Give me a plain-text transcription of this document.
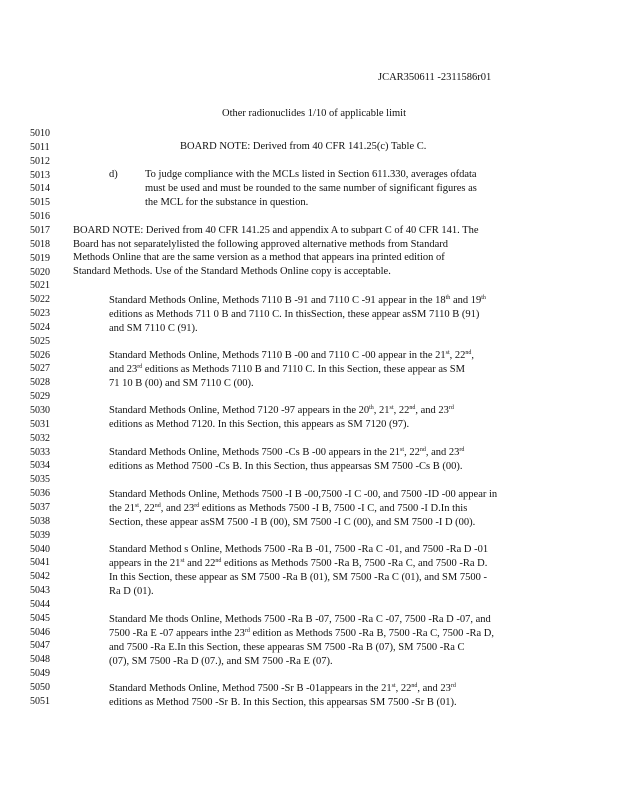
JCAR350611 -2311586r01
Other radionuclides 1/10 of applicable limit
5010
5011
5012
5013
5014
5015
5016
5017
5018
5019
5020
5021
5022
5023
5024
5025
5026
5027
5028
5029
5030
5031
5032
5033
5034
5035
5036
5037
5038
5039
5040
5041
5042
5043
5044
5045
5046
5047
5048
5049
5050
5051
BOARD NOTE: Derived from 40 CFR 141.25(c) Table C.
d)	To judge compliance with the MCLs listed in Section 611.330, averages ofdata
must be used and must be rounded to the same number of significant figures as
the MCL for the substance in question.
BOARD NOTE: Derived from 40 CFR 141.25 and appendix A to subpart C of 40 CFR 141. The
Board has not separatelylisted the following approved alternative methods from Standard
Methods Online that are the same version as a method that appears ina printed edition of
Standard Methods. Use of the Standard Methods Online copy is acceptable.
Standard Methods Online, Methods 7110 B -91 and 7110 C -91 appear in the 18th and 19th
editions as Methods 711 0 B and 7110 C. In thisSection, these appear asSM 7110 B (91)
and SM 7110 C (91).
Standard Methods Online, Methods 7110 B -00 and 7110 C -00 appear in the 21st, 22nd,
and 23rd editions as Methods 7110 B and 7110 C. In this Section, these appear as SM
71 10 B (00) and SM 7110 C (00).
Standard Methods Online, Method 7120 -97 appears in the 20th, 21st, 22nd, and 23rd
editions as Method 7120. In this Section, this appears as SM 7120 (97).
Standard Methods Online, Methods 7500 -Cs B -00 appears in the 21st, 22nd, and 23rd
editions as Method 7500 -Cs B. In this Section, thus appearsas SM 7500 -Cs B (00).
Standard Methods Online, Methods 7500 -I B -00,7500 -I C -00, and 7500 -ID -00 appear in
the 21st, 22nd, and 23rd editions as Methods 7500 -I B, 7500 -I C, and 7500 -I D.In this
Section, these appear asSM 7500 -I B (00), SM 7500 -I C (00), and SM 7500 -I D (00).
Standard Method s Online, Methods 7500 -Ra B -01, 7500 -Ra C -01, and 7500 -Ra D -01
appears in the 21st and 22nd editions as Methods 7500 -Ra B, 7500 -Ra C, and 7500 -Ra D.
In this Section, these appear as SM 7500 -Ra B (01), SM 7500 -Ra C (01), and SM 7500 -
Ra D (01).
Standard Me thods Online, Methods 7500 -Ra B -07, 7500 -Ra C -07, 7500 -Ra D -07, and
7500 -Ra E -07 appears inthe 23rd edition as Methods 7500 -Ra B, 7500 -Ra C, 7500 -Ra D,
and 7500 -Ra E.In this Section, these appearas SM 7500 -Ra B (07), SM 7500 -Ra C
(07), SM 7500 -Ra D (07.), and SM 7500 -Ra E (07).
Standard Methods Online, Method 7500 -Sr B -01appears in the 21st, 22nd, and 23rd
editions as Method 7500 -Sr B. In this Section, this appearsas SM 7500 -Sr B (01).
